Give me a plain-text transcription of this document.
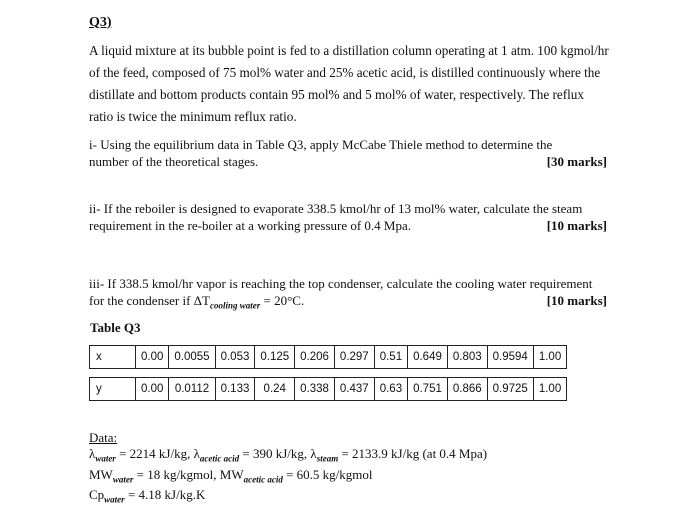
Q3)
A liquid mixture at its bubble point is fed to a distillation column operating at 1 atm. 100 kgmol/hr
of the feed, composed of 75 mol% water and 25% acetic acid, is distilled continuously where the
distillate and bottom products contain 95 mol% and 5 mol% of water, respectively. The reflux
ratio is twice the minimum reflux ratio.
i- Using the equilibrium data in Table Q3, apply McCabe Thiele method to determine the
number of the theoretical stages.	[30 marks]
ii- If the reboiler is designed to evaporate 338.5 kmol/hr of 13 mol% water, calculate the steam
requirement in the re-boiler at a working pressure of 0.4 Mpa.	[10 marks]
iii- If 338.5 kmol/hr vapor is reaching the top condenser, calculate the cooling water requirement
for the condenser if $\Delta T_{cooling water} = 20^\circ C$.	[10 marks]
Table Q3
x	0.00	0.0055	0.053	0.125	0.206	0.297	0.51	0.649	0.803	0.9594	1.00

y	0.00	0.0112	0.133	0.24	0.338	0.437	0.63	0.751	0.866	0.9725	1.00
Data:
$\lambda_{water} = 2214$ kJ/kg, $\lambda_{acetic acid} = 390$ kJ/kg, $\lambda_{steam} = 2133.9$ kJ/kg (at 0.4 Mpa)
$MW_{water} = 18$ kg/kgmol, $MW_{acetic acid} = 60.5$ kg/kgmol
$Cp_{water} = 4.18$ kJ/kg.K
